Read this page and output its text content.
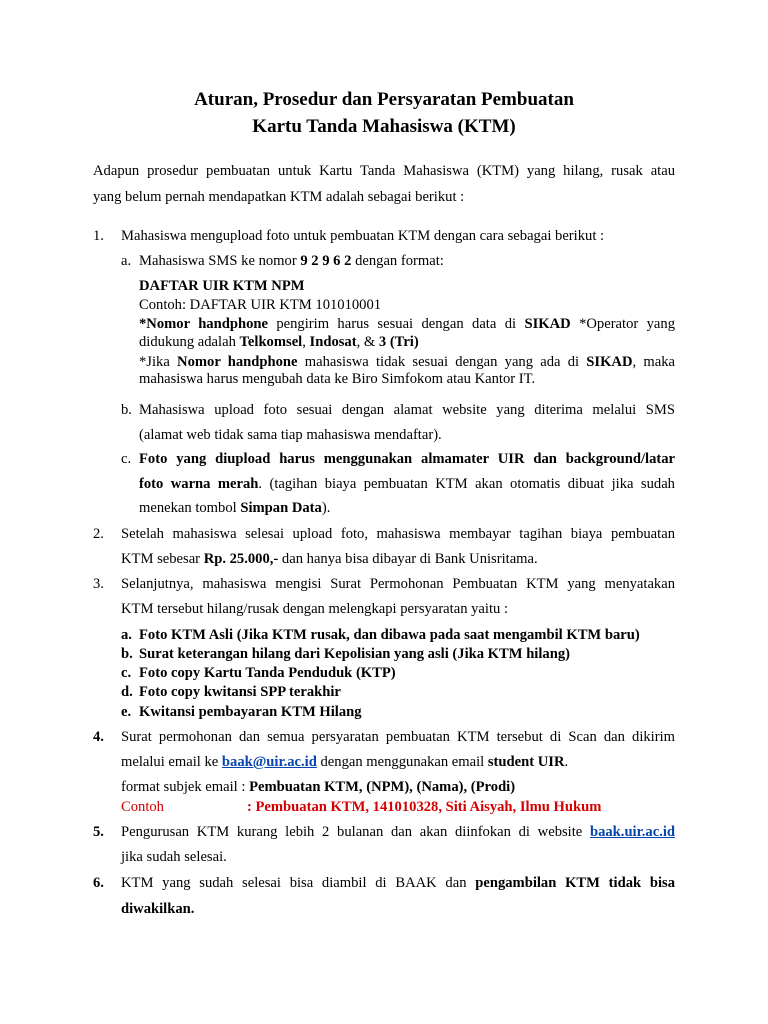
Aturan, Prosedur dan Persyaratan Pembuatan
Kartu Tanda Mahasiswa (KTM)
Adapun prosedur pembuatan untuk Kartu Tanda Mahasiswa (KTM) yang hilang, rusak atau
yang belum pernah mendapatkan KTM adalah sebagai berikut :
1. Mahasiswa mengupload foto untuk pembuatan KTM dengan cara sebagai berikut :
a. Mahasiswa SMS ke nomor 9 2 9 6 2 dengan format:
DAFTAR UIR KTM NPM
Contoh: DAFTAR UIR KTM 101010001
*Nomor handphone pengirim harus sesuai dengan data di SIKAD *Operator yang
didukung adalah Telkomsel, Indosat, & 3 (Tri)
*Jika Nomor handphone mahasiswa tidak sesuai dengan yang ada di SIKAD, maka
mahasiswa harus mengubah data ke Biro Simfokom atau Kantor IT.
b. Mahasiswa upload foto sesuai dengan alamat website yang diterima melalui SMS
(alamat web tidak sama tiap mahasiswa mendaftar).
c. Foto yang diupload harus menggunakan almamater UIR dan background/latar
foto warna merah. (tagihan biaya pembuatan KTM akan otomatis dibuat jika sudah
menekan tombol Simpan Data).
2. Setelah mahasiswa selesai upload foto, mahasiswa membayar tagihan biaya pembuatan
KTM sebesar Rp. 25.000,- dan hanya bisa dibayar di Bank Unisritama.
3. Selanjutnya, mahasiswa mengisi Surat Permohonan Pembuatan KTM yang menyatakan
KTM tersebut hilang/rusak dengan melengkapi persyaratan yaitu :
a. Foto KTM Asli (Jika KTM rusak, dan dibawa pada saat mengambil KTM baru)
b. Surat keterangan hilang dari Kepolisian yang asli (Jika KTM hilang)
c. Foto copy Kartu Tanda Penduduk (KTP)
d. Foto copy kwitansi SPP terakhir
e. Kwitansi pembayaran KTM Hilang
4. Surat permohonan dan semua persyaratan pembuatan KTM tersebut di Scan dan dikirim
melalui email ke baak@uir.ac.id dengan menggunakan email student UIR.
format subjek email : Pembuatan KTM, (NPM), (Nama), (Prodi)
Contoh	: Pembuatan KTM, 141010328, Siti Aisyah, Ilmu Hukum
5. Pengurusan KTM kurang lebih 2 bulanan dan akan diinfokan di website baak.uir.ac.id
jika sudah selesai.
6. KTM yang sudah selesai bisa diambil di BAAK dan pengambilan KTM tidak bisa
diwakilkan.
